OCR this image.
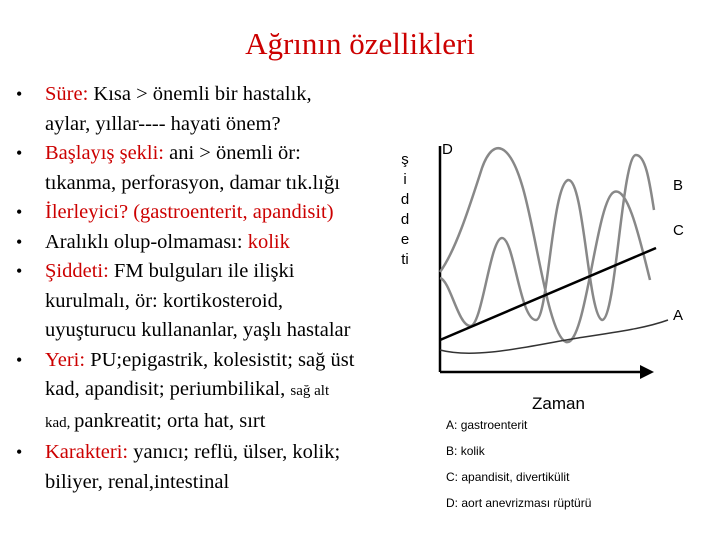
Ağrının özellikleri
• Süre: Kısa > önemli bir hastalık,
aylar, yıllar---- hayati önem?
• Başlayış şekli: ani > önemli ör:
tıkanma, perforasyon, damar tık.lığı
• İlerleyici? (gastroenterit, apandisit)
• Aralıklı olup-olmaması: kolik
• Şiddeti: FM bulguları ile ilişki
kurulmalı, ör: kortikosteroid,
uyuşturucu kullananlar, yaşlı hastalar
• Yeri: PU;epigastrik, kolesistit; sağ üst
kad, apandisit; periumbilikal, sağ alt
kad, pankreatit; orta hat, sırt
• Karakteri: yanıcı; reflü, ülser, kolik;
biliyer, renal,intestinal
ş
i
d
d
e
ti
D
B
C
A
Zaman
A: gastroenterit
B: kolik
C: apandisit, divertikülit
D: aort anevrizması rüptürü
